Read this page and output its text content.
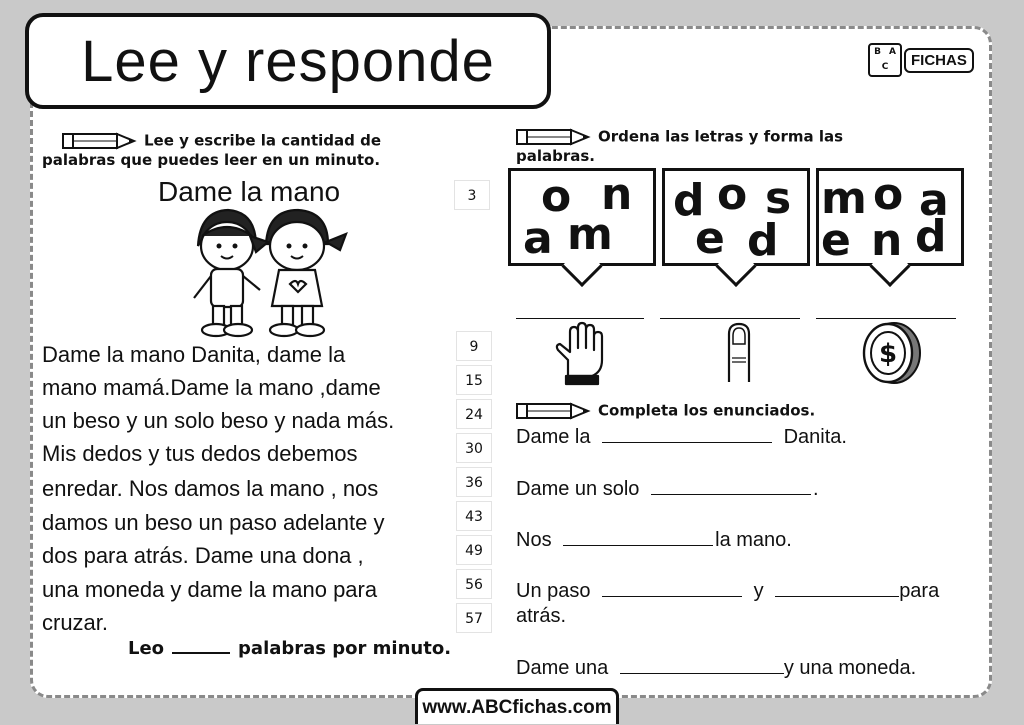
Lee y responde	B A
C	FICHAS
Lee y escribe la cantidad de
palabras que puedes leer en un minuto.
Dame la mano	3
Dame la mano Danita, dame la
mano mamá.Dame la mano ,dame
un beso y un solo beso y nada más.
Mis dedos y tus dedos debemos
enredar. Nos damos la mano , nos
damos un beso un paso adelante y
dos para atrás. Dame una dona ,
una moneda y dame la mano para
cruzar.
9
15
24
30
36
43
49
56
57
Leo	palabras por minuto.
Ordena las letras y forma las
palabras.
o n
a m
d o s
e d
m o a
e n d
$
Completa los enunciados.
Dame la	Danita.
Dame un solo	.
Nos	la mano.
Un paso	y	para
atrás.
Dame una	y una moneda.
www.ABCfichas.com
